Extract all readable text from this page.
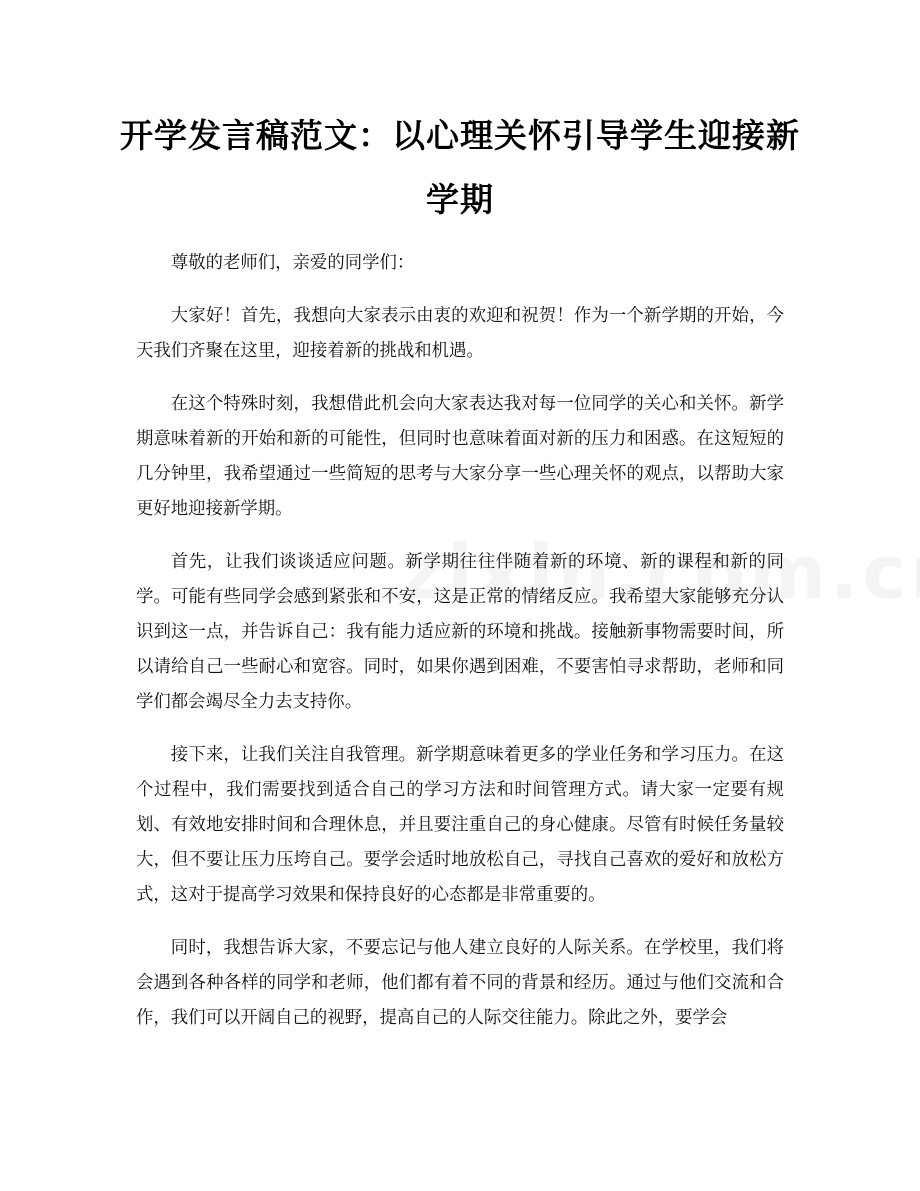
开学发言稿范文：以心理关怀引导学生迎接新学期

尊敬的老师们，亲爱的同学们：

大家好！首先，我想向大家表示由衷的欢迎和祝贺！作为一个新学期的开始，今天我们齐聚在这里，迎接着新的挑战和机遇。

在这个特殊时刻，我想借此机会向大家表达我对每一位同学的关心和关怀。新学期意味着新的开始和新的可能性，但同时也意味着面对新的压力和困惑。在这短短的几分钟里，我希望通过一些简短的思考与大家分享一些心理关怀的观点，以帮助大家更好地迎接新学期。

首先，让我们谈谈适应问题。新学期往往伴随着新的环境、新的课程和新的同学。可能有些同学会感到紧张和不安，这是正常的情绪反应。我希望大家能够充分认识到这一点，并告诉自己：我有能力适应新的环境和挑战。接触新事物需要时间，所以请给自己一些耐心和宽容。同时，如果你遇到困难，不要害怕寻求帮助，老师和同学们都会竭尽全力去支持你。

接下来，让我们关注自我管理。新学期意味着更多的学业任务和学习压力。在这个过程中，我们需要找到适合自己的学习方法和时间管理方式。请大家一定要有规划、有效地安排时间和合理休息，并且要注重自己的身心健康。尽管有时候任务量较大，但不要让压力压垮自己。要学会适时地放松自己，寻找自己喜欢的爱好和放松方式，这对于提高学习效果和保持良好的心态都是非常重要的。

同时，我想告诉大家，不要忘记与他人建立良好的人际关系。在学校里，我们将会遇到各种各样的同学和老师，他们都有着不同的背景和经历。通过与他们交流和合作，我们可以开阔自己的视野，提高自己的人际交往能力。除此之外，要学会
